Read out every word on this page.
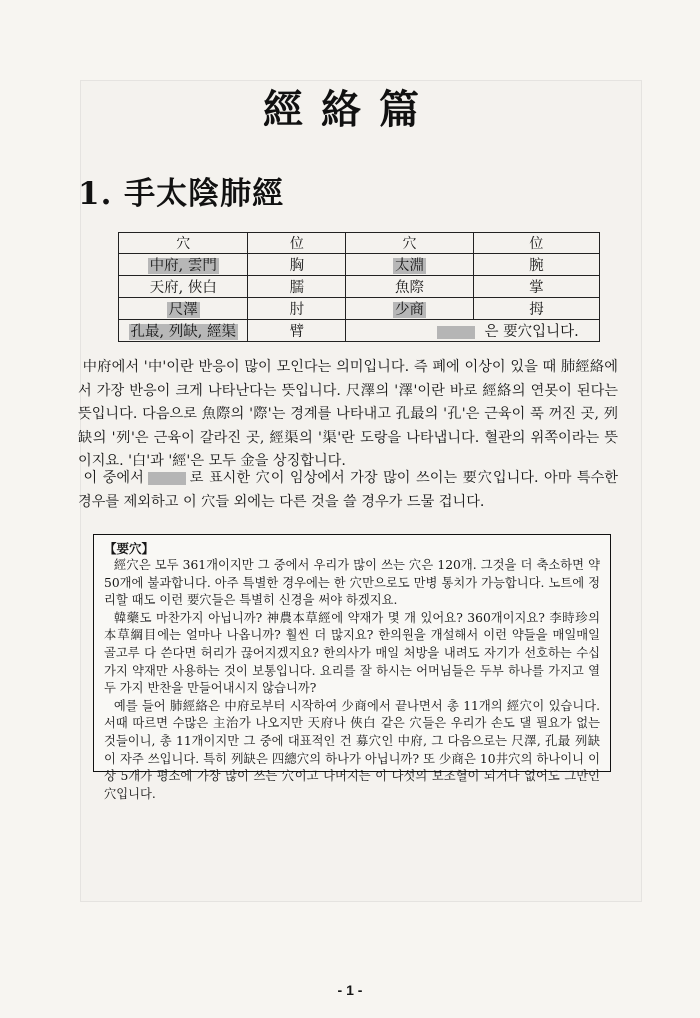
經絡篇
1. 手太陰肺經
穴	位	穴	位
中府, 雲門	胸	太淵	腕
天府, 俠白	臑	魚際	掌
尺澤	肘	少商	拇
孔最, 列缺, 經渠	臂	은 要穴입니다.	
中府에서 '中'이란 반응이 많이 모인다는 의미입니다. 즉 폐에 이상이 있을 때 肺經絡에서 가장 반응이 크게 나타난다는 뜻입니다. 尺澤의 '澤'이란 바로 經絡의 연못이 된다는 뜻입니다. 다음으로 魚際의 '際'는 경계를 나타내고 孔最의 '孔'은 근육이 푹 꺼진 곳, 列缺의 '列'은 근육이 갈라진 곳, 經渠의 '渠'란 도랑을 나타냅니다. 혈관의 위쪽이라는 뜻이지요. '白'과 '經'은 모두 金을 상징합니다.
이 중에서	로 표시한 穴이 임상에서 가장 많이 쓰이는 要穴입니다. 아마 특수한 경우를 제외하고 이 穴들 외에는 다른 것을 쓸 경우가 드물 겁니다.
【要穴】

經穴은 모두 361개이지만 그 중에서 우리가 많이 쓰는 穴은 120개. 그것을 더 축소하면 약 50개에 불과합니다. 아주 특별한 경우에는 한 穴만으로도 만병 통치가 가능합니다. 노트에 정리할 때도 이런 要穴들은 특별히 신경을 써야 하겠지요.

韓藥도 마찬가지 아닙니까? 神農本草經에 약재가 몇 개 있어요? 360개이지요? 李時珍의 本草綱目에는 얼마나 나옵니까? 훨씬 더 많지요? 한의원을 개설해서 이런 약들을 매일매일 골고루 다 쓴다면 허리가 끊어지겠지요? 한의사가 매일 처방을 내려도 자기가 선호하는 수십 가지 약재만 사용하는 것이 보통입니다. 요리를 잘 하시는 어머님들은 두부 하나를 가지고 열 두 가지 반찬을 만들어내시지 않습니까?

예를 들어 肺經絡은 中府로부터 시작하여 少商에서 끝나면서 총 11개의 經穴이 있습니다. 서때 따르면 수많은 主治가 나오지만 天府나 俠白 같은 穴들은 우리가 손도 댈 필요가 없는 것들이니, 총 11개이지만 그 중에 대표적인 건 募穴인 中府, 그 다음으로는 尺澤, 孔最 列缺이 자주 쓰입니다. 특히 列缺은 四總穴의 하나가 아닙니까? 또 少商은 10井穴의 하나이니 이상 5개가 평소에 가장 많이 쓰는 穴이고 나머지는 이 다섯의 보조혈이 되거나 없어도 그만인 穴입니다.

- 1 -
